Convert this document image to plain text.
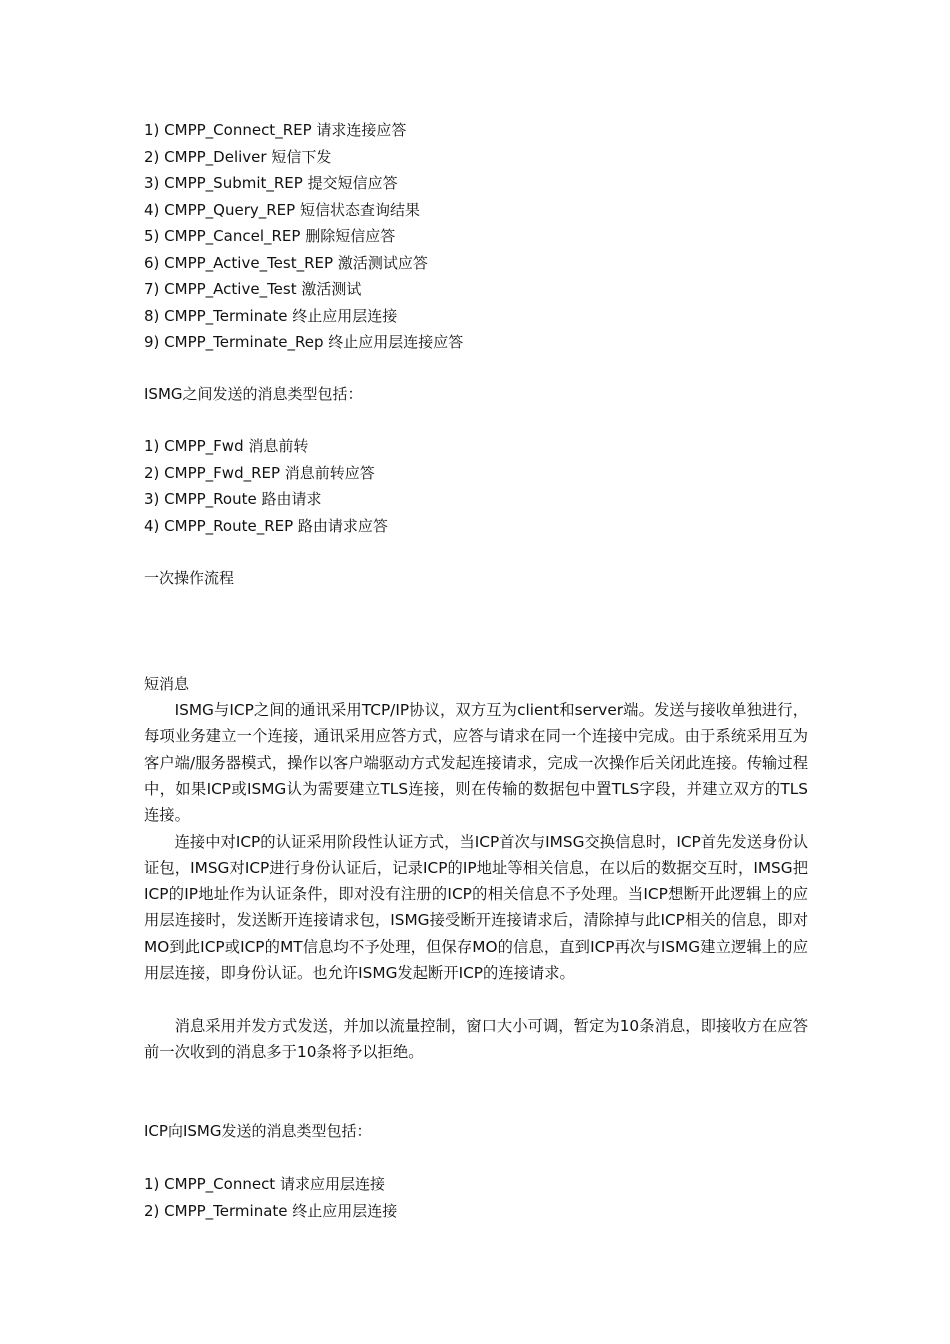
1) CMPP_Connect_REP 请求连接应答
2) CMPP_Deliver 短信下发
3) CMPP_Submit_REP 提交短信应答
4) CMPP_Query_REP 短信状态查询结果
5) CMPP_Cancel_REP 删除短信应答
6) CMPP_Active_Test_REP 激活测试应答
7) CMPP_Active_Test 激活测试
8) CMPP_Terminate 终止应用层连接
9) CMPP_Terminate_Rep 终止应用层连接应答
ISMG之间发送的消息类型包括：
1) CMPP_Fwd 消息前转
2) CMPP_Fwd_REP 消息前转应答
3) CMPP_Route 路由请求
4) CMPP_Route_REP 路由请求应答
一次操作流程
短消息
ISMG与ICP之间的通讯采用TCP/IP协议，双方互为client和server端。发送与接收单独进行，每项业务建立一个连接，通讯采用应答方式，应答与请求在同一个连接中完成。由于系统采用互为客户端/服务器模式，操作以客户端驱动方式发起连接请求，完成一次操作后关闭此连接。传输过程中，如果ICP或ISMG认为需要建立TLS连接，则在传输的数据包中置TLS字段，并建立双方的TLS连接。
连接中对ICP的认证采用阶段性认证方式，当ICP首次与IMSG交换信息时，ICP首先发送身份认证包，IMSG对ICP进行身份认证后，记录ICP的IP地址等相关信息，在以后的数据交互时，IMSG把ICP的IP地址作为认证条件，即对没有注册的ICP的相关信息不予处理。当ICP想断开此逻辑上的应用层连接时，发送断开连接请求包，ISMG接受断开连接请求后，清除掉与此ICP相关的信息，即对MO到此ICP或ICP的MT信息均不予处理，但保存MO的信息，直到ICP再次与ISMG建立逻辑上的应用层连接，即身份认证。也允许ISMG发起断开ICP的连接请求。
消息采用并发方式发送，并加以流量控制，窗口大小可调，暂定为10条消息，即接收方在应答前一次收到的消息多于10条将予以拒绝。
ICP向ISMG发送的消息类型包括：
1) CMPP_Connect 请求应用层连接
2) CMPP_Terminate 终止应用层连接
